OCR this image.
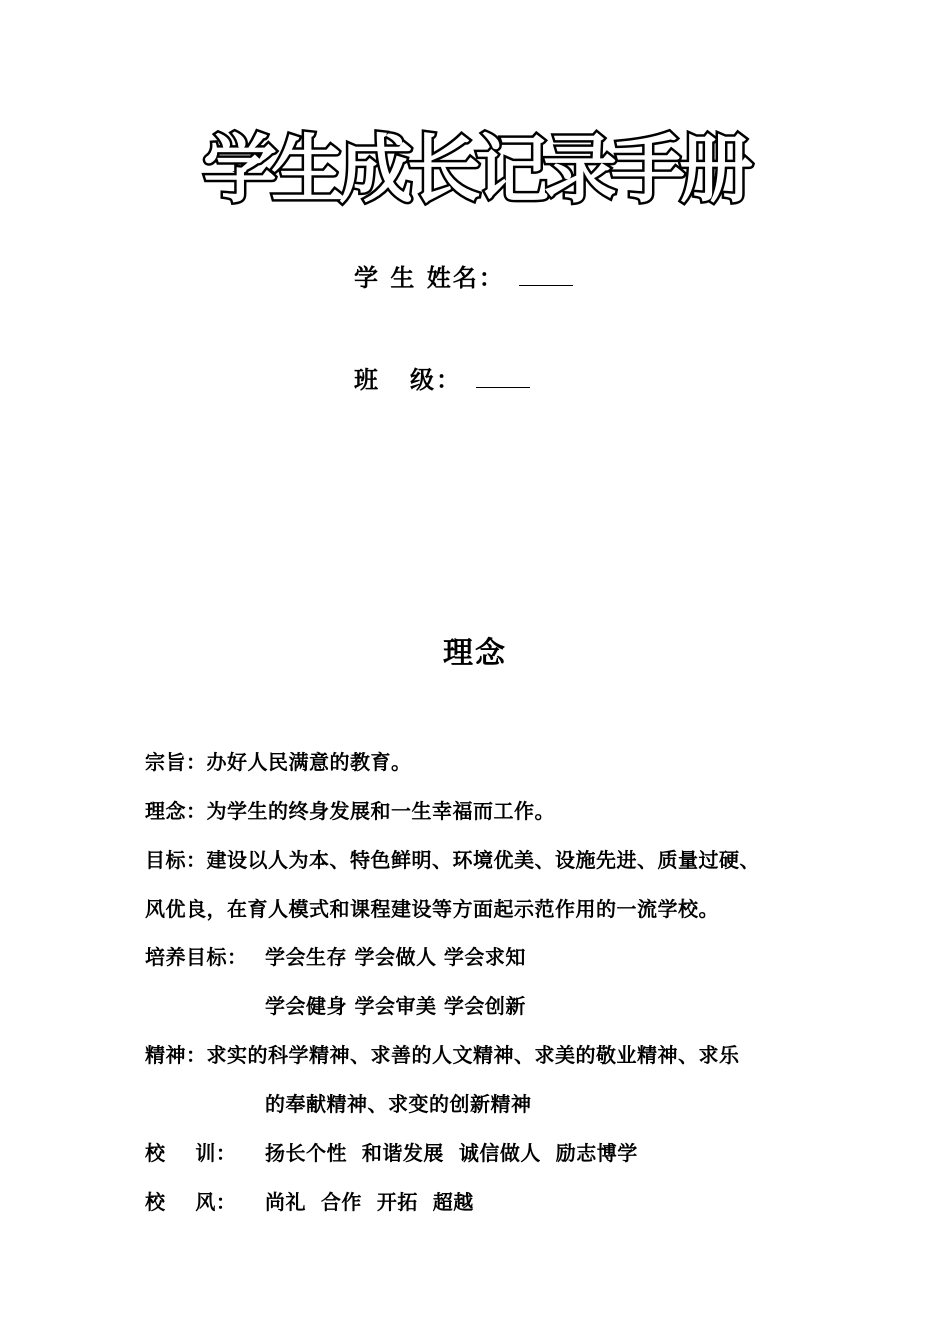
学生成长记录手册
学 生 姓名：
班级：
理念
宗旨：办好人民满意的教育。
理念：为学生的终身发展和一生幸福而工作。
目标：建设以人为本、特色鲜明、环境优美、设施先进、质量过硬、
风优良，在育人模式和课程建设等方面起示范作用的一流学校。
培养目标： 学会生存 学会做人 学会求知
学会健身 学会审美 学会创新
精神：求实的科学精神、求善的人文精神、求美的敬业精神、求乐
的奉献精神、求变的创新精神
校    训： 扬长个性  和谐发展  诚信做人  励志博学
校    风： 尚礼  合作  开拓  超越
